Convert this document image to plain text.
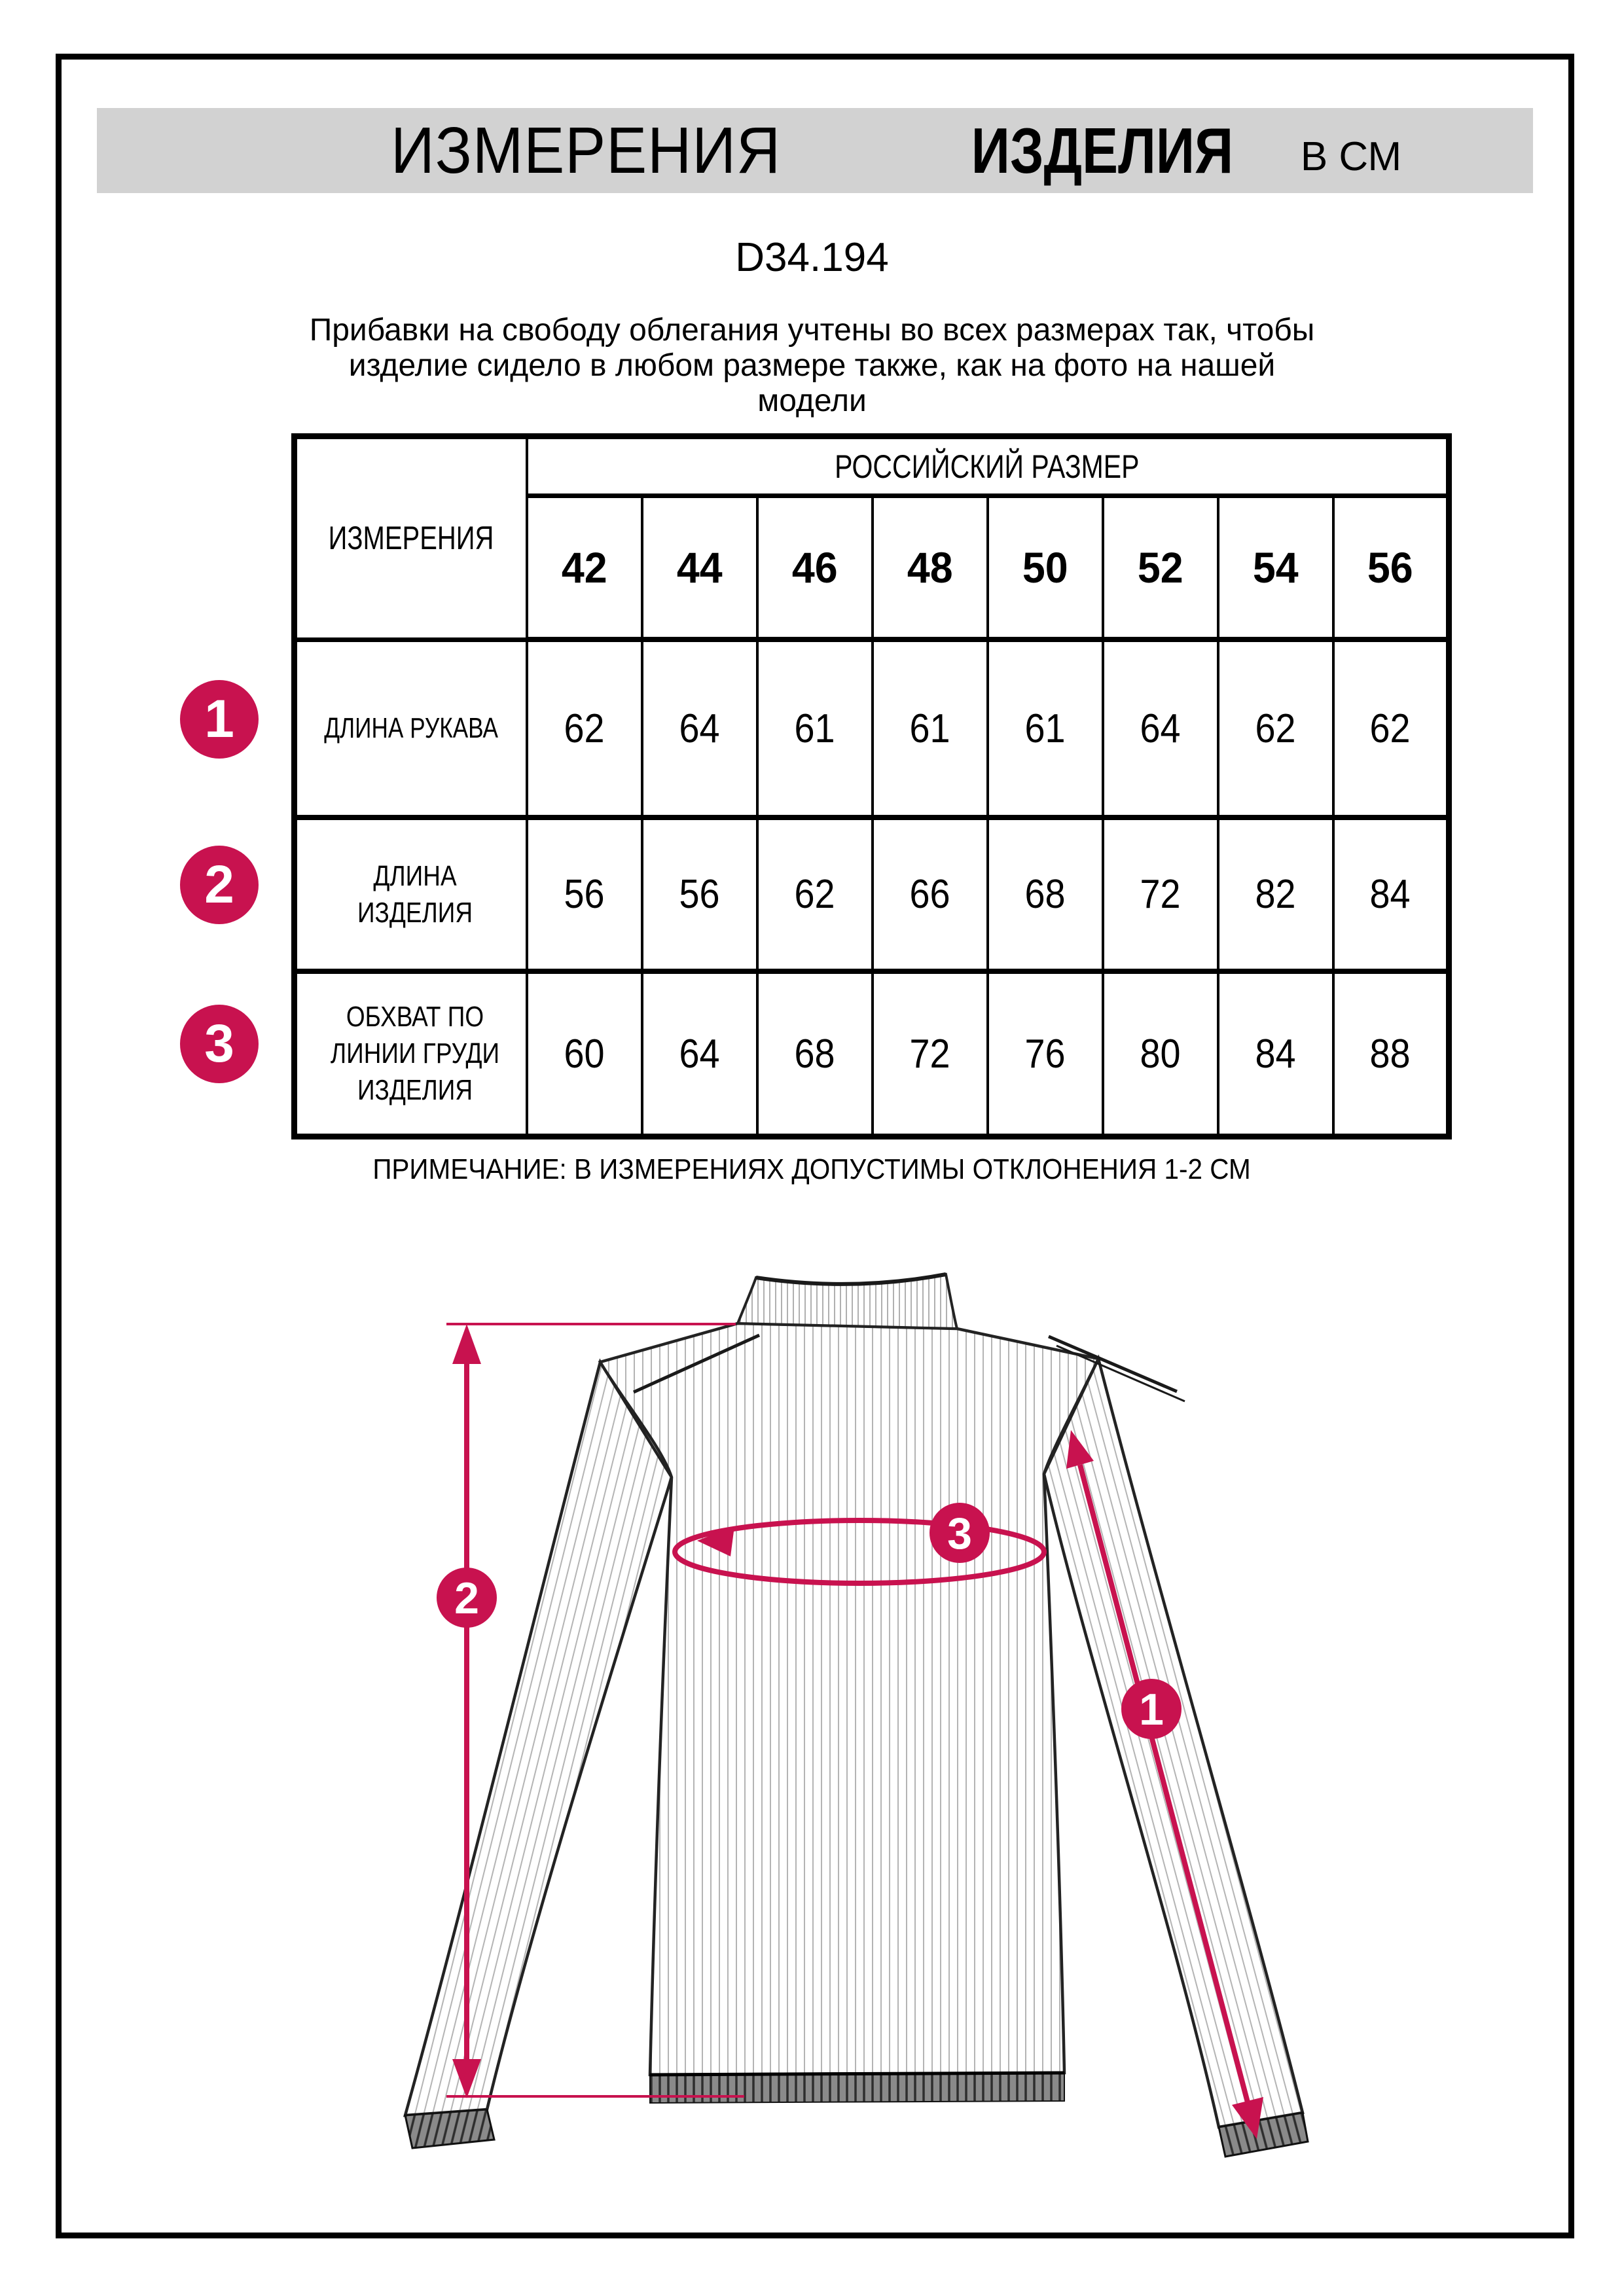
ИЗМЕРЕНИЯ	ИЗДЕЛИЯ В СМ
D34.194
Прибавки на свободу облегания учтены во всех размерах так, чтобы
изделие сидело в любом размере также, как на фото на нашей
модели
ИЗМЕРЕНИЯ	РОССИЙСКИЙ РАЗМЕР							
	42	44	46	48	50	52	54	56
ДЛИНА РУКАВА	62	64	61	61	61	64	62	62
ДЛИНА ИЗДЕЛИЯ	56	56	62	66	68	72	82	84
ОБХВАТ ПО ЛИНИИ ГРУДИ ИЗДЕЛИЯ	60	64	68	72	76	80	84	88
1
2
3
ПРИМЕЧАНИЕ: В ИЗМЕРЕНИЯХ ДОПУСТИМЫ ОТКЛОНЕНИЯ 1-2 СМ
2
1
3
